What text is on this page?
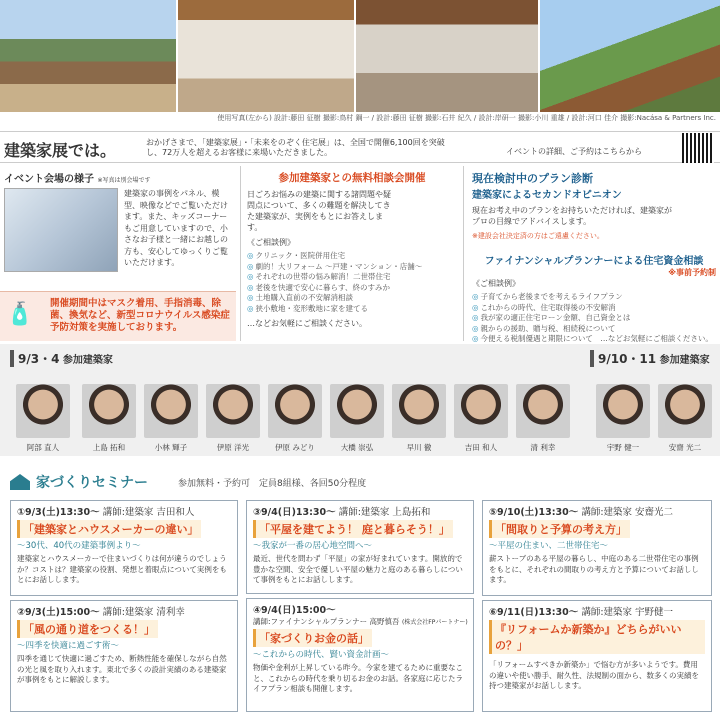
使用写真(左から) 設計:藤田 征樹 撮影:鳥村 鋼一 / 設計:藤田 征樹 撮影:石井 紀久 / 設計:岸研一 撮影:小川 重雄 / 設計:河口 佳介 撮影:Nacása & Partners Inc.
建築家展では。	おかげさまで、「建築家展」・「未来をのぞく住宅展」は、全国で開催6,100回を突破し、72万人を超えるお客様に来場いただきました。	イベントの詳細、ご予約はこちらから
イベント会場の様子 ※写真は別会場です
建築家の事例をパネル、模型、映像などでご覧いただけます。また、キッズコーナーもご用意していますので、小さなお子様と一緒にお越しの方も、安心してゆっくりご覧いただけます。
🧴	開催期間中はマスク着用、手指消毒、除菌、換気など、新型コロナウイルス感染症予防対策を実施しております。

参加建築家との無料相談会開催
日ごろお悩みの建築に関する諸問題や疑問点について、多くの難題を解決してきた建築家が、実例をもとにお答えします。
《ご相談例》
◎ クリニック・医院併用住宅
◎ 劇的！大リフォーム ～戸建・マンション・店舗～
◎ それぞれの世帯の悩み解消！二世帯住宅
◎ 老後を快適で安心に暮らす、終のすみか
◎ 土地購入直前の不安解消相談
◎ 狭小敷地・変形敷地に家を建てる
…などお気軽にご相談ください。
現在検討中のプラン診断
建築家によるセカンドオピニオン
現在お考え中のプランをお持ちいただければ、建築家がプロの目線でアドバイスします。
※建設会社決定済の方はご遠慮ください。
ファイナンシャルプランナーによる住宅資金相談
※事前予約制
《ご相談例》
◎ 子育てから老後までを考えるライフプラン
◎ これからの時代、住宅取得後の不安解消
◎ 我が家の適正住宅ローン金額、自己資金とは
◎ 親からの援助、贈与税、相続税について
◎ 今便える税制優遇と期限について　…などお気軽にご相談ください。
9/3・4 参加建築家	9/10・11 参加建築家
阿部 直人	上島 拓和	小林 輝子	伊原 洋光	伊原 みどり	大橋 崇弘	早川 徹	吉田 和人	清 利幸	宇野 健一	安齋 光二
家づくりセミナー	参加無料・予約可　定員8組様、各回50分程度
①9/3(土)13:30～ 講師:建築家 吉田和人
「建築家とハウスメーカーの違い」
～30代、40代の建築事例より～
建築家とハウスメーカーで住まいづくりは何が違うのでしょうか？コストは？建築家の役割、発想と着眼点について実例をもとにお話しします。
②9/3(土)15:00～ 講師:建築家 清利幸
「風の通り道をつくる！」
～四季を快適に過ごす術～
四季を通じて快適に過ごすため、断熱性能を確保しながら自然の光と風を取り入れます。東北で多くの設計実績のある建築家が事例をもとに解説します。
③9/4(日)13:30～ 講師:建築家 上島拓和
「平屋を建てよう！ 庭と暮らそう！」
～我家が一番の居心地空間へ～
最近、世代を問わず「平屋」の家が好まれています。開放的で豊かな空間、安全で優しい平屋の魅力と庭のある暮らしについて事例をもとにお話しします。
④9/4(日)15:00～
講師:ファイナンシャルプランナー 高野慎吾 (株式会社FPパートナー)
「家づくりお金の話」
～これからの時代、賢い資金計画～
物価や金利が上昇している昨今。今家を建てるために重要なこと、これからの時代を乗り切るお金のお話。各家庭に応じたライフプラン相談も開催します。
⑤9/10(土)13:30～ 講師:建築家 安齋光二
「間取りと予算の考え方」
～平屋の住まい、二世帯住宅～
薪ストーブのある平屋の暮らし、中庭のある二世帯住宅の事例をもとに、それぞれの間取りの考え方と予算についてお話しします。
⑥9/11(日)13:30～ 講師:建築家 宇野健一
『リフォームか新築か』どちらがいいの？」
「リフォームすべきか新築か」で悩む方が多いようです。費用の違いや使い勝手、耐久性、法規制の面から、数多くの実績を持つ建築家がお話しします。
